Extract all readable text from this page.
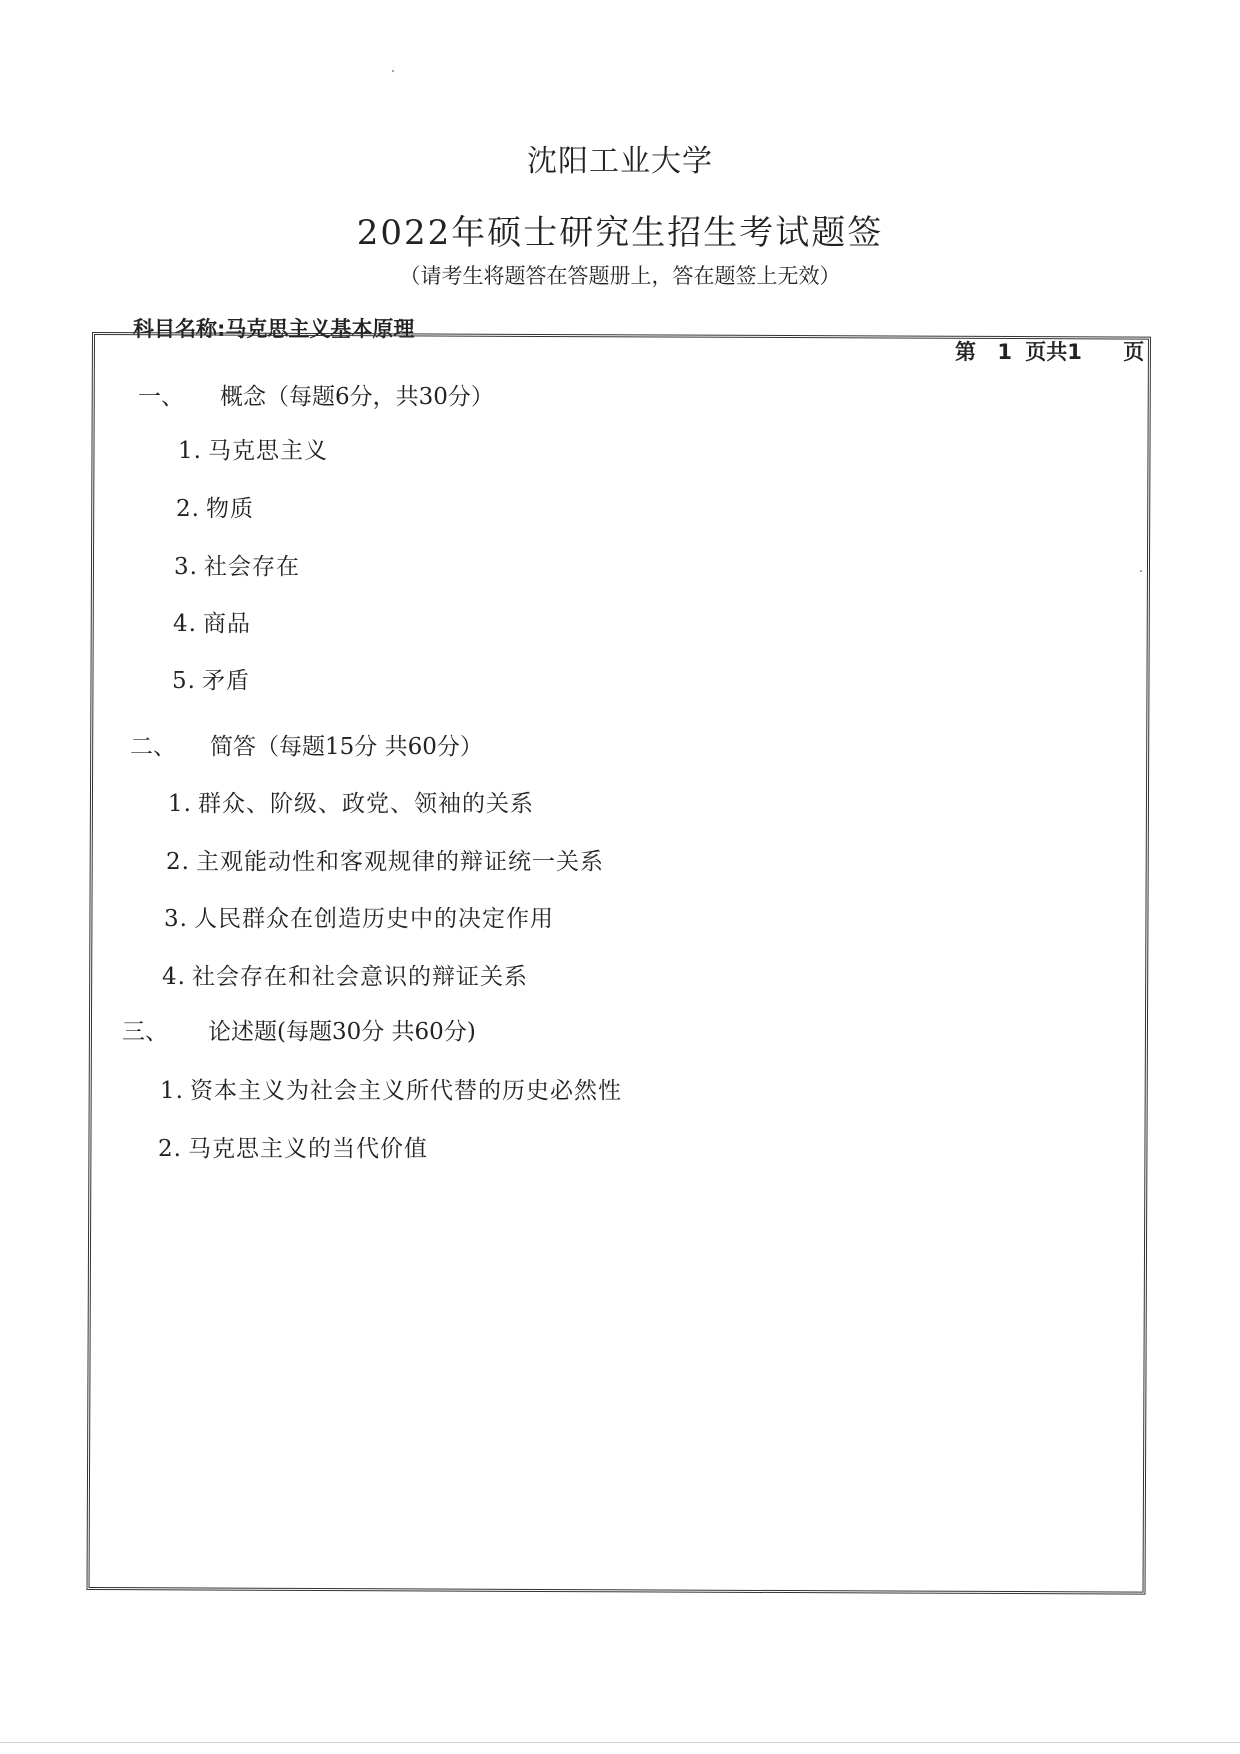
沈阳工业大学
2022年硕士研究生招生考试题签
（请考生将题答在答题册上，答在题签上无效）
科目名称:马克思主义基本原理
第 1 页共1 页
一、 概念（每题6分，共30分）
1. 马克思主义
2. 物质
3. 社会存在
4. 商品
5. 矛盾
二、 简答（每题15分 共60分）
1. 群众、阶级、政党、领袖的关系
2. 主观能动性和客观规律的辩证统一关系
3. 人民群众在创造历史中的决定作用
4. 社会存在和社会意识的辩证关系
三、 论述题(每题30分 共60分)
1. 资本主义为社会主义所代替的历史必然性
2. 马克思主义的当代价值
